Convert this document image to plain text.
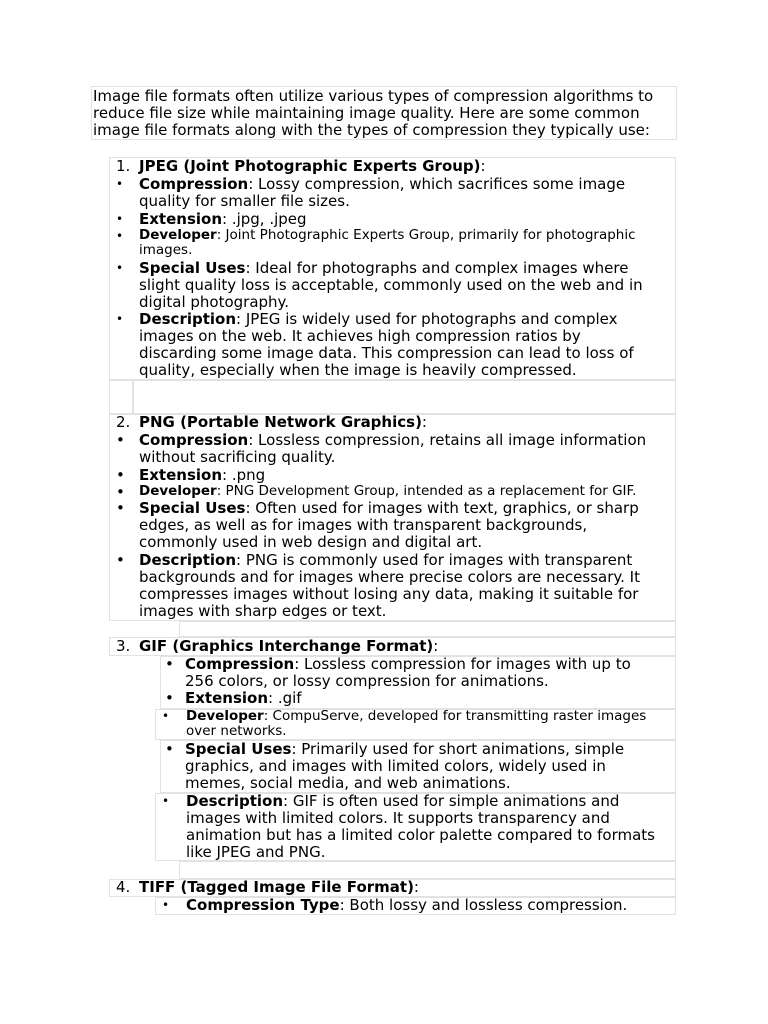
Image file formats often utilize various types of compression algorithms to
reduce file size while maintaining image quality. Here are some common
image file formats along with the types of compression they typically use:
1. JPEG (Joint Photographic Experts Group):
• Compression: Lossy compression, which sacrifices some image
quality for smaller file sizes.
• Extension: .jpg, .jpeg
• Developer: Joint Photographic Experts Group, primarily for photographic
images.
• Special Uses: Ideal for photographs and complex images where
slight quality loss is acceptable, commonly used on the web and in
digital photography.
• Description: JPEG is widely used for photographs and complex
images on the web. It achieves high compression ratios by
discarding some image data. This compression can lead to loss of
quality, especially when the image is heavily compressed.
2. PNG (Portable Network Graphics):
• Compression: Lossless compression, retains all image information
without sacrificing quality.
• Extension: .png
• Developer: PNG Development Group, intended as a replacement for GIF.
• Special Uses: Often used for images with text, graphics, or sharp
edges, as well as for images with transparent backgrounds,
commonly used in web design and digital art.
• Description: PNG is commonly used for images with transparent
backgrounds and for images where precise colors are necessary. It
compresses images without losing any data, making it suitable for
images with sharp edges or text.
3. GIF (Graphics Interchange Format):
• Compression: Lossless compression for images with up to
256 colors, or lossy compression for animations.
• Extension: .gif
• Developer: CompuServe, developed for transmitting raster images
over networks.
• Special Uses: Primarily used for short animations, simple
graphics, and images with limited colors, widely used in
memes, social media, and web animations.
• Description: GIF is often used for simple animations and
images with limited colors. It supports transparency and
animation but has a limited color palette compared to formats
like JPEG and PNG.
4. TIFF (Tagged Image File Format):
• Compression Type: Both lossy and lossless compression.
